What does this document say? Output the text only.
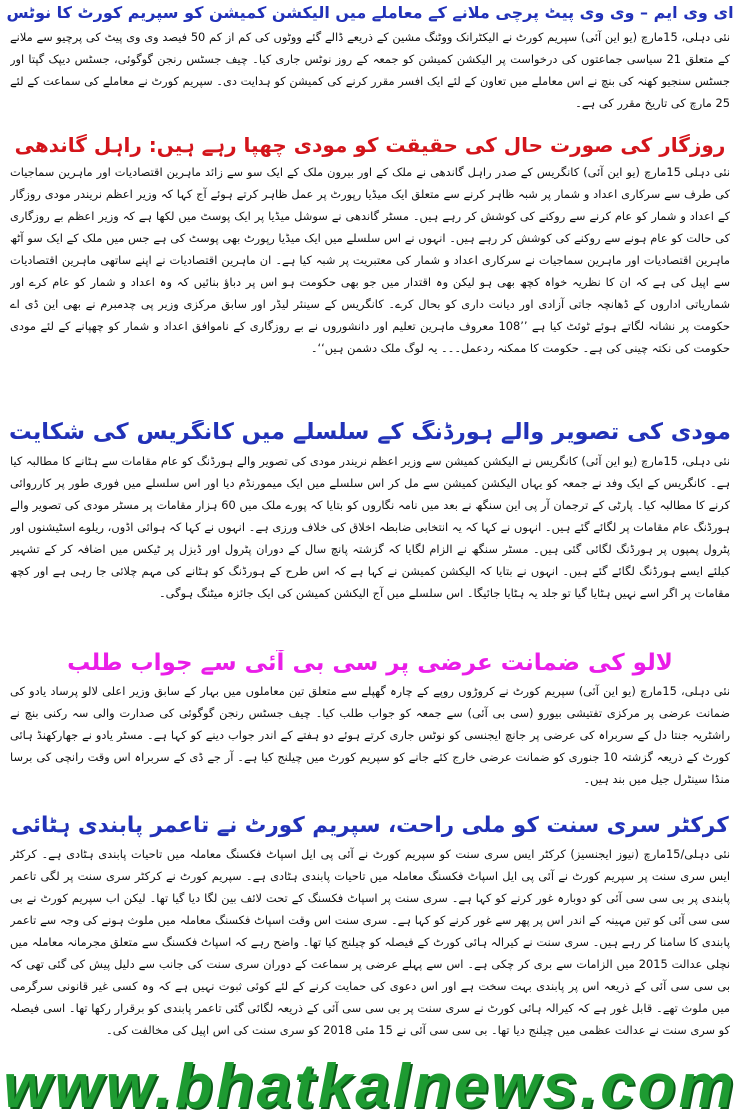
ای وی ایم – وی وی پیٹ پرچی ملانے کے معاملے میں الیکشن کمیشن کو سپریم کورٹ کا نوٹس
نئی دہلی، 15مارچ (یو این آئی) سپریم کورٹ نے الیکٹرانک ووٹنگ مشین کے ذریعے ڈالے گئے ووٹوں کی کم از کم 50 فیصد وی وی پیٹ کی پرچیو سے ملانے کے متعلق 21 سیاسی جماعتوں کی درخواست پر الیکشن کمیشن کو جمعہ کے روز نوٹس جاری کیا۔ چیف جسٹس رنجن گوگوئی، جسٹس دیپک گپتا اور جسٹس سنجیو کھنہ کی بنچ نے اس معاملے میں تعاون کے لئے ایک افسر مقرر کرنے کی کمیشن کو ہدایت دی۔ سپریم کورٹ نے معاملے کی سماعت کے لئے 25 مارچ کی تاریخ مقرر کی ہے۔
روزگار کی صورت حال کی حقیقت کو مودی چھپا رہے ہیں: راہل گاندھی
نئی دہلی 15مارچ (یو این آئی) کانگریس کے صدر راہل گاندھی نے ملک کے اور بیرون ملک کے ایک سو سے زائد ماہرین اقتصادیات اور ماہرین سماجیات کی طرف سے سرکاری اعداد و شمار پر شبہ ظاہر کرنے سے متعلق ایک میڈیا رپورٹ پر عمل ظاہر کرتے ہوئے آج کہا کہ وزیر اعظم نریندر مودی روزگار کے اعداد و شمار کو عام کرنے سے روکنے کی کوشش کر رہے ہیں۔ مسٹر گاندھی نے سوشل میڈیا پر ایک پوسٹ میں لکھا ہے کہ وزیر اعظم بے روزگاری کی حالت کو عام ہونے سے روکنے کی کوشش کر رہے ہیں۔ انہوں نے اس سلسلے میں ایک میڈیا رپورٹ بھی پوسٹ کی ہے جس میں ملک کے ایک سو آٹھ ماہرین اقتصادیات اور ماہرین سماجیات نے سرکاری اعداد و شمار کی معتبریت پر شبہ کیا ہے۔ ان ماہرین اقتصادیات نے اپنے ساتھی ماہرین اقتصادیات سے اپیل کی ہے کہ ان کا نظریہ خواہ کچھ بھی ہو لیکن وہ اقتدار میں جو بھی حکومت ہو اس پر دباؤ بنائیں کہ وہ اعداد و شمار کو عام کرے اور شماریاتی اداروں کے ڈھانچہ جاتی آزادی اور دیانت داری کو بحال کرے۔ کانگریس کے سینئر لیڈر اور سابق مرکزی وزیر پی چدمبرم نے بھی این ڈی اے حکومت پر نشانہ لگاتے ہوئے ٹوئٹ کیا ہے ’’108 معروف ماہرین تعلیم اور دانشوروں نے بے روزگاری کے ناموافق اعداد و شمار کو چھپانے کے لئے مودی حکومت کی نکتہ چینی کی ہے۔ حکومت کا ممکنہ ردعمل۔۔۔ یہ لوگ ملک دشمن ہیں‘‘۔
مودی کی تصویر والے ہورڈنگ کے سلسلے میں کانگریس کی شکایت
نئی دہلی، 15مارچ (یو این آئی) کانگریس نے الیکشن کمیشن سے وزیر اعظم نریندر مودی کی تصویر والے ہورڈنگ کو عام مقامات سے ہٹانے کا مطالبہ کیا ہے۔ کانگریس کے ایک وفد نے جمعہ کو یہاں الیکشن کمیشن سے مل کر اس سلسلے میں ایک میمورنڈم دیا اور اس سلسلے میں فوری طور پر کارروائی کرنے کا مطالبہ کیا۔ پارٹی کے ترجمان آر پی این سنگھ نے بعد میں نامہ نگاروں کو بتایا کہ پورے ملک میں 60 ہزار مقامات پر مسٹر مودی کی تصویر والے ہورڈنگ عام مقامات پر لگائے گئے ہیں۔ انہوں نے کہا کہ یہ انتخابی ضابطہ اخلاق کی خلاف ورزی ہے۔ انہوں نے کہا کہ ہوائی اڈوں، ریلوے اسٹیشنوں اور پٹرول پمپوں پر ہورڈنگ لگائی گئی ہیں۔ مسٹر سنگھ نے الزام لگایا کہ گزشتہ پانچ سال کے دوران پٹرول اور ڈیزل پر ٹیکس میں اضافہ کر کے تشہیر کیلئے ایسے ہورڈنگ لگائے گئے ہیں۔ انہوں نے بتایا کہ الیکشن کمیشن نے کہا ہے کہ اس طرح کے ہورڈنگ کو ہٹانے کی مہم چلائی جا رہی ہے اور کچھ مقامات پر اگر اسے نہیں ہٹایا گیا تو جلد یہ ہٹایا جائیگا۔ اس سلسلے میں آج الیکشن کمیشن کی ایک جائزہ میٹنگ ہوگی۔
لالو کی ضمانت عرضی پر سی بی آئی سے جواب طلب
نئی دہلی، 15مارچ (یو این آئی) سپریم کورٹ نے کروڑوں روپے کے چارہ گھپلے سے متعلق تین معاملوں میں بہار کے سابق وزیر اعلی لالو پرساد یادو کی ضمانت عرضی پر مرکزی تفتیشی بیورو (سی بی آئی) سے جمعہ کو جواب طلب کیا۔ چیف جسٹس رنجن گوگوئی کی صدارت والی سہ رکنی بنچ نے راشٹریہ جنتا دل کے سربراہ کی عرضی پر جانچ ایجنسی کو نوٹس جاری کرتے ہوئے دو ہفتے کے اندر جواب دینے کو کہا ہے۔ مسٹر یادو نے جھارکھنڈ ہائی کورٹ کے ذریعہ گزشتہ 10 جنوری کو ضمانت عرضی خارج کئے جانے کو سپریم کورٹ میں چیلنج کیا ہے۔ آر جے ڈی کے سربراہ اس وقت رانچی کی برسا منڈا سینٹرل جیل میں بند ہیں۔
کرکٹر سری سنت کو ملی راحت، سپریم کورٹ نے تاعمر پابندی ہٹائی
نئی دہلی/15مارچ (نیوز ایجنسیز) کرکٹر ایس سری سنت کو سپریم کورٹ نے آئی پی ایل اسپاٹ فکسنگ معاملہ میں تاحیات پابندی ہٹادی ہے۔ کرکٹر ایس سری سنت پر سپریم کورٹ نے آئی پی ایل اسپاٹ فکسنگ معاملہ میں تاحیات پابندی ہٹادی ہے۔ سپریم کورٹ نے کرکٹر سری سنت پر لگی تاعمر پابندی پر بی سی سی آئی کو دوبارہ غور کرنے کو کہا ہے۔ سری سنت پر اسپاٹ فکسنگ کے تحت لائف بین لگا دیا گیا تھا۔ لیکن اب سپریم کورٹ نے بی سی سی آئی کو تین مہینہ کے اندر اس پر پھر سے غور کرنے کو کہا ہے۔ سری سنت اس وقت اسپاٹ فکسنگ معاملہ میں ملوث ہونے کی وجہ سے تاعمر پابندی کا سامنا کر رہے ہیں۔ سری سنت نے کیرالہ ہائی کورٹ کے فیصلہ کو چیلنج کیا تھا۔ واضح رہے کہ اسپاٹ فکسنگ سے متعلق مجرمانہ معاملہ میں نچلی عدالت 2015 میں الزامات سے بری کر چکی ہے۔ اس سے پہلے عرضی پر سماعت کے دوران سری سنت کی جانب سے دلیل پیش کی گئی تھی کہ بی سی سی آئی کے ذریعہ اس پر پابندی بہت سخت ہے اور اس دعوی کی حمایت کرنے کے لئے کوئی ثبوت نہیں ہے کہ وہ کسی غیر قانونی سرگرمی میں ملوث تھے۔ قابل غور ہے کہ کیرالہ ہائی کورٹ نے سری سنت پر بی سی سی آئی کے ذریعہ لگائی گئی تاعمر پابندی کو برقرار رکھا تھا۔ اسی فیصلہ کو سری سنت نے عدالت عظمی میں چیلنج دیا تھا۔ بی سی سی آئی نے 15 مئی 2018 کو سری سنت کی اس اپیل کی مخالفت کی۔
www.bhatkalnews.com
